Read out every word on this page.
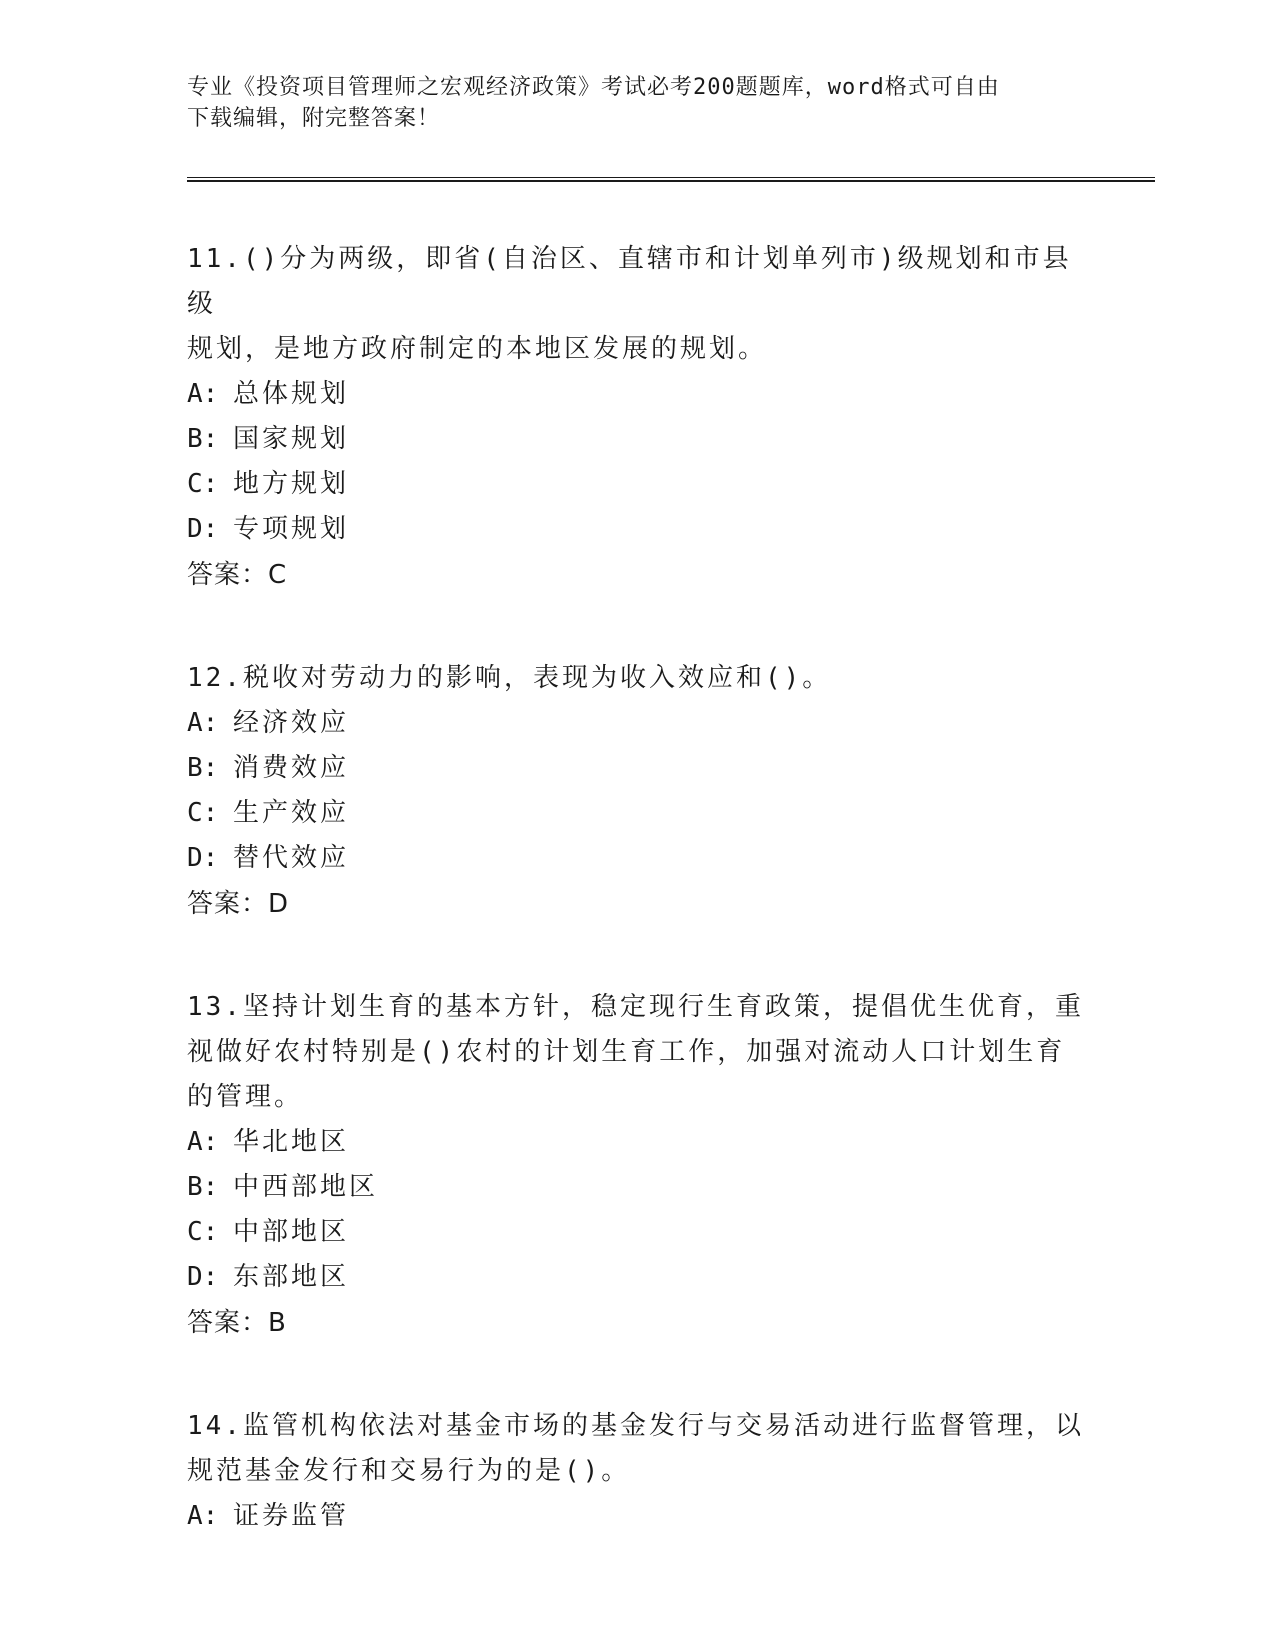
专业《投资项目管理师之宏观经济政策》考试必考200题题库，word格式可自由
下载编辑，附完整答案！
11.()分为两级，即省(自治区、直辖市和计划单列市)级规划和市县级
规划，是地方政府制定的本地区发展的规划。
A: 总体规划
B: 国家规划
C: 地方规划
D: 专项规划
答案：C
12.税收对劳动力的影响，表现为收入效应和()。
A: 经济效应
B: 消费效应
C: 生产效应
D: 替代效应
答案：D
13.坚持计划生育的基本方针，稳定现行生育政策，提倡优生优育，重
视做好农村特别是()农村的计划生育工作，加强对流动人口计划生育
的管理。
A: 华北地区
B: 中西部地区
C: 中部地区
D: 东部地区
答案：B
14.监管机构依法对基金市场的基金发行与交易活动进行监督管理，以
规范基金发行和交易行为的是()。
A: 证券监管
